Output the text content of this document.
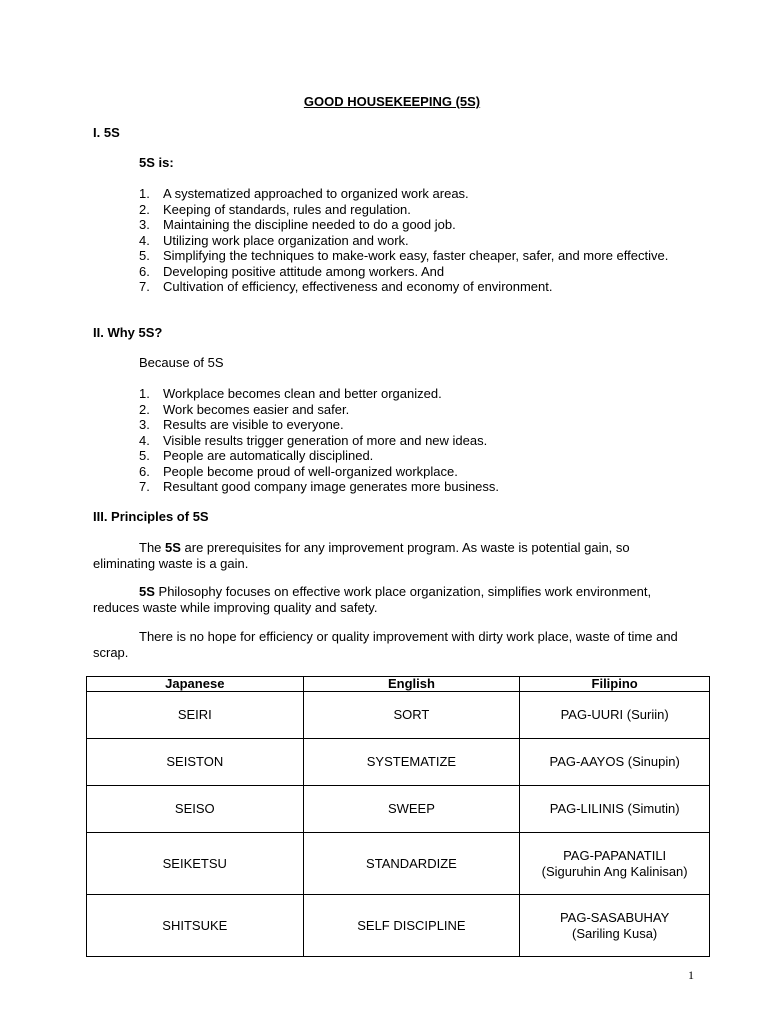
GOOD HOUSEKEEPING (5S)
I. 5S
5S is:
1. A systematized approached to organized work areas.
2. Keeping of standards, rules and regulation.
3. Maintaining the discipline needed to do a good job.
4. Utilizing work place organization and work.
5. Simplifying the techniques to make-work easy, faster cheaper, safer, and more effective.
6. Developing positive attitude among workers. And
7. Cultivation of efficiency, effectiveness and economy of environment.
II. Why 5S?
Because of 5S
1. Workplace becomes clean and better organized.
2. Work becomes easier and safer.
3. Results are visible to everyone.
4. Visible results trigger generation of more and new ideas.
5. People are automatically disciplined.
6. People become proud of well-organized workplace.
7. Resultant good company image generates more business.
III. Principles of 5S

The 5S are prerequisites for any improvement program. As waste is potential gain, so eliminating waste is a gain.

5S Philosophy focuses on effective work place organization, simplifies work environment, reduces waste while improving quality and safety.

There is no hope for efficiency or quality improvement with dirty work place, waste of time and scrap.

Japanese	English	Filipino
SEIRI	SORT	PAG-UURI (Suriin)

SEISTON	SYSTEMATIZE	PAG-AAYOS (Sinupin)

SEISO	SWEEP	PAG-LILINIS (Simutin)

SEIKETSU	STANDARDIZE	PAG-PAPANATILI
(Siguruhin Ang Kalinisan)

SHITSUKE	SELF DISCIPLINE	PAG-SASABUHAY
(Sariling Kusa)
1
